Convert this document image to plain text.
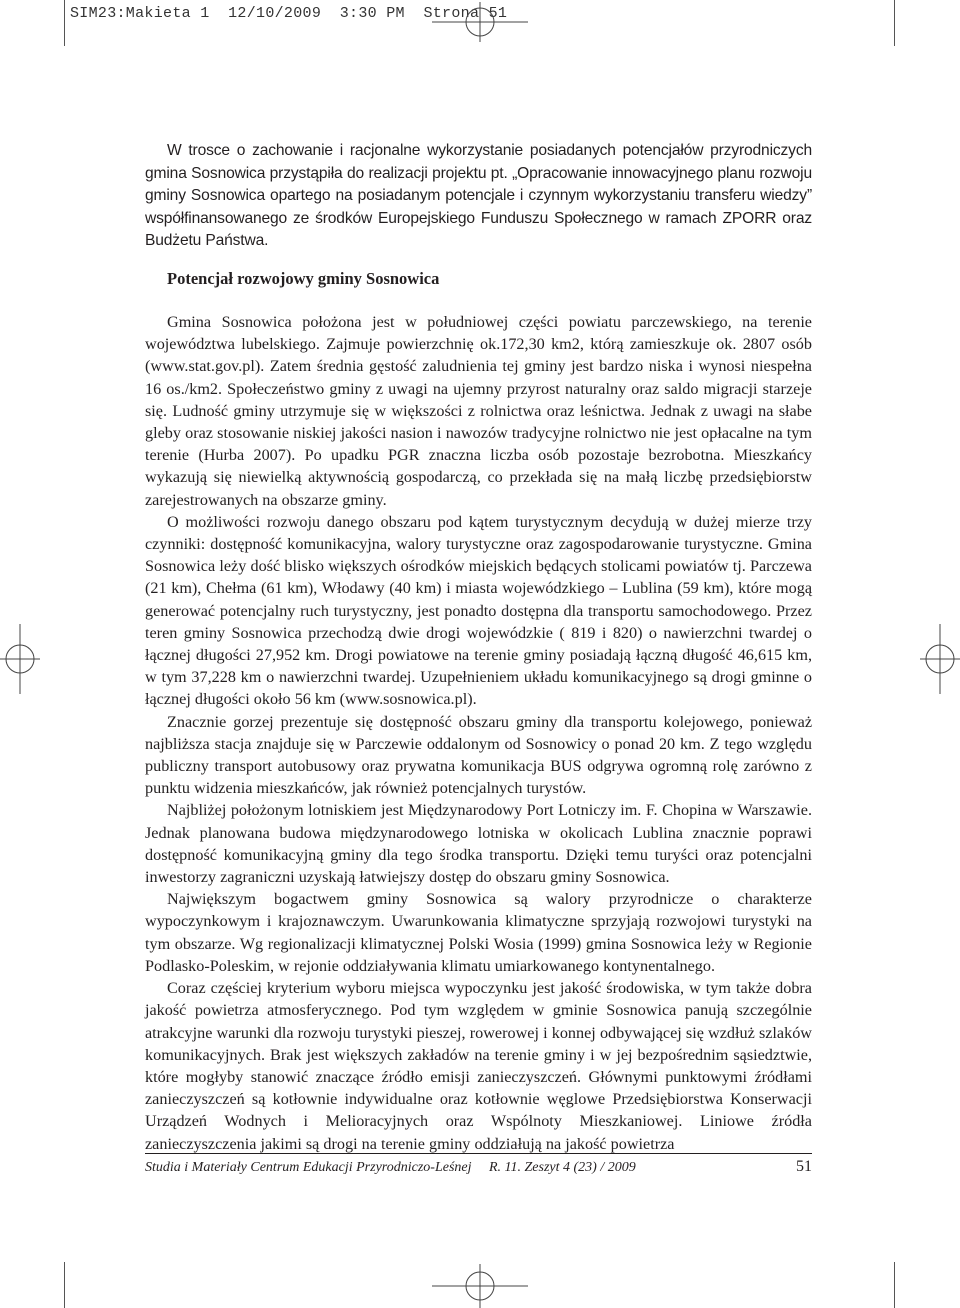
SIM23:Makieta 1  12/10/2009  3:30 PM  Strona 51

W trosce o zachowanie i racjonalne wykorzystanie posiadanych potencjałów przyrodniczych gmina Sosnowica przystąpiła do realizacji projektu pt. „Opracowanie innowacyjnego planu rozwoju gminy Sosnowica opartego na posiadanym potencjale i czynnym wykorzystaniu transferu wiedzy” współfinansowanego ze środków Europejskiego Funduszu Społecznego w ramach ZPORR oraz Budżetu Państwa.

Potencjał rozwojowy gminy Sosnowica

Gmina Sosnowica położona jest w południowej części powiatu parczewskiego, na terenie województwa lubelskiego. Zajmuje powierzchnię ok.172,30 km2, którą zamieszkuje ok. 2807 osób (www.stat.gov.pl). Zatem średnia gęstość zaludnienia tej gminy jest bardzo niska i wynosi niespełna 16 os./km2. Społeczeństwo gminy z uwagi na ujemny przyrost naturalny oraz saldo migracji starzeje się. Ludność gminy utrzymuje się w większości z rolnictwa oraz leśnictwa. Jednak z uwagi na słabe gleby oraz stosowanie niskiej jakości nasion i nawozów tradycyjne rolnictwo nie jest opłacalne na tym terenie (Hurba 2007). Po upadku PGR znaczna liczba osób pozostaje bezrobotna. Mieszkańcy wykazują się niewielką aktywnością gospodarczą, co przekłada się na małą liczbę przedsiębiorstw zarejestrowanych na obszarze gminy.

O możliwości rozwoju danego obszaru pod kątem turystycznym decydują w dużej mierze trzy czynniki: dostępność komunikacyjna, walory turystyczne oraz zagospodarowanie turystyczne. Gmina Sosnowica leży dość blisko większych ośrodków miejskich będących stolicami powiatów tj. Parczewa (21 km), Chełma (61 km), Włodawy (40 km) i miasta wojewódzkiego – Lublina (59 km), które mogą generować potencjalny ruch turystyczny, jest ponadto dostępna dla transportu samochodowego. Przez teren gminy Sosnowica przechodzą dwie drogi wojewódzkie ( 819 i 820) o nawierzchni twardej o łącznej długości 27,952 km. Drogi powiatowe na terenie gminy posiadają łączną długość 46,615 km, w tym 37,228 km o nawierzchni twardej. Uzupełnieniem układu komunikacyjnego są drogi gminne o łącznej długości około 56 km (www.sosnowica.pl).

Znacznie gorzej prezentuje się dostępność obszaru gminy dla transportu kolejowego, ponieważ najbliższa stacja znajduje się w Parczewie oddalonym od Sosnowicy o ponad 20 km. Z tego względu publiczny transport autobusowy oraz prywatna komunikacja BUS odgrywa ogromną rolę zarówno z punktu widzenia mieszkańców, jak również potencjalnych turystów.

Najbliżej położonym lotniskiem jest Międzynarodowy Port Lotniczy im. F. Chopina w Warszawie. Jednak planowana budowa międzynarodowego lotniska w okolicach Lublina znacznie poprawi dostępność komunikacyjną gminy dla tego środka transportu. Dzięki temu turyści oraz potencjalni inwestorzy zagraniczni uzyskają łatwiejszy dostęp do obszaru gminy Sosnowica.

Największym bogactwem gminy Sosnowica są walory przyrodnicze o charakterze wypoczynkowym i krajoznawczym. Uwarunkowania klimatyczne sprzyjają rozwojowi turystyki na tym obszarze. Wg regionalizacji klimatycznej Polski Wosia (1999) gmina Sosnowica leży w Regionie Podlasko-Poleskim, w rejonie oddziaływania klimatu umiarkowanego kontynentalnego.

Coraz częściej kryterium wyboru miejsca wypoczynku jest jakość środowiska, w tym także dobra jakość powietrza atmosferycznego. Pod tym względem w gminie Sosnowica panują szczególnie atrakcyjne warunki dla rozwoju turystyki pieszej, rowerowej i konnej odbywającej się wzdłuż szlaków komunikacyjnych. Brak jest większych zakładów na terenie gminy i w jej bezpośrednim sąsiedztwie, które mogłyby stanowić znaczące źródło emisji zanieczyszczeń. Głównymi punktowymi źródłami zanieczyszczeń są kotłownie indywidualne oraz kotłownie węglowe Przedsiębiorstwa Konserwacji Urządzeń Wodnych i Melioracyjnych oraz Wspólnoty Mieszkaniowej. Liniowe źródła zanieczyszczenia jakimi są drogi na terenie gminy oddziałują na jakość powietrza

Studia i Materiały Centrum Edukacji Przyrodniczo-Leśnej     R. 11. Zeszyt 4 (23) / 2009	51
